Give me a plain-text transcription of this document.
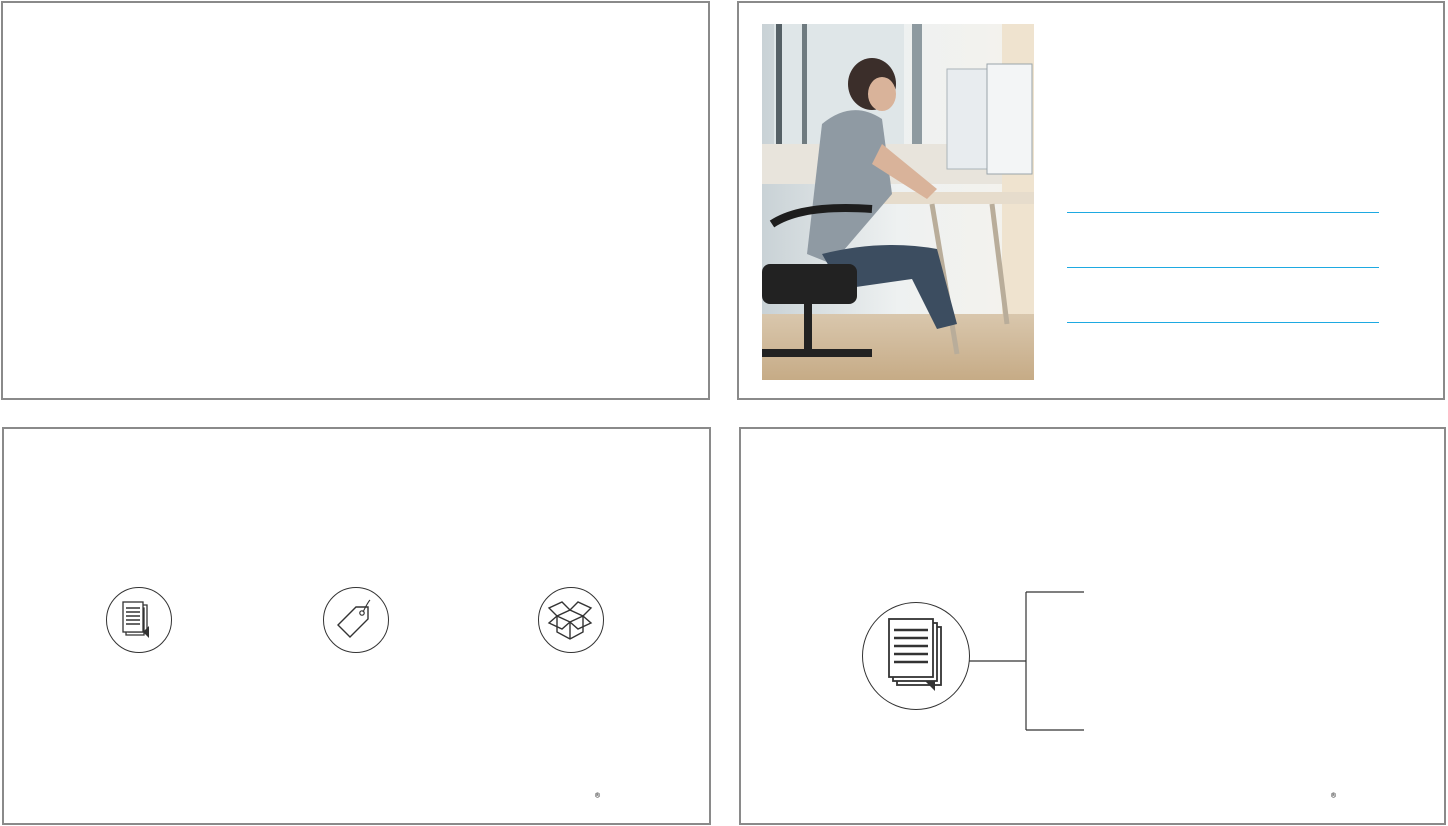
®	®
